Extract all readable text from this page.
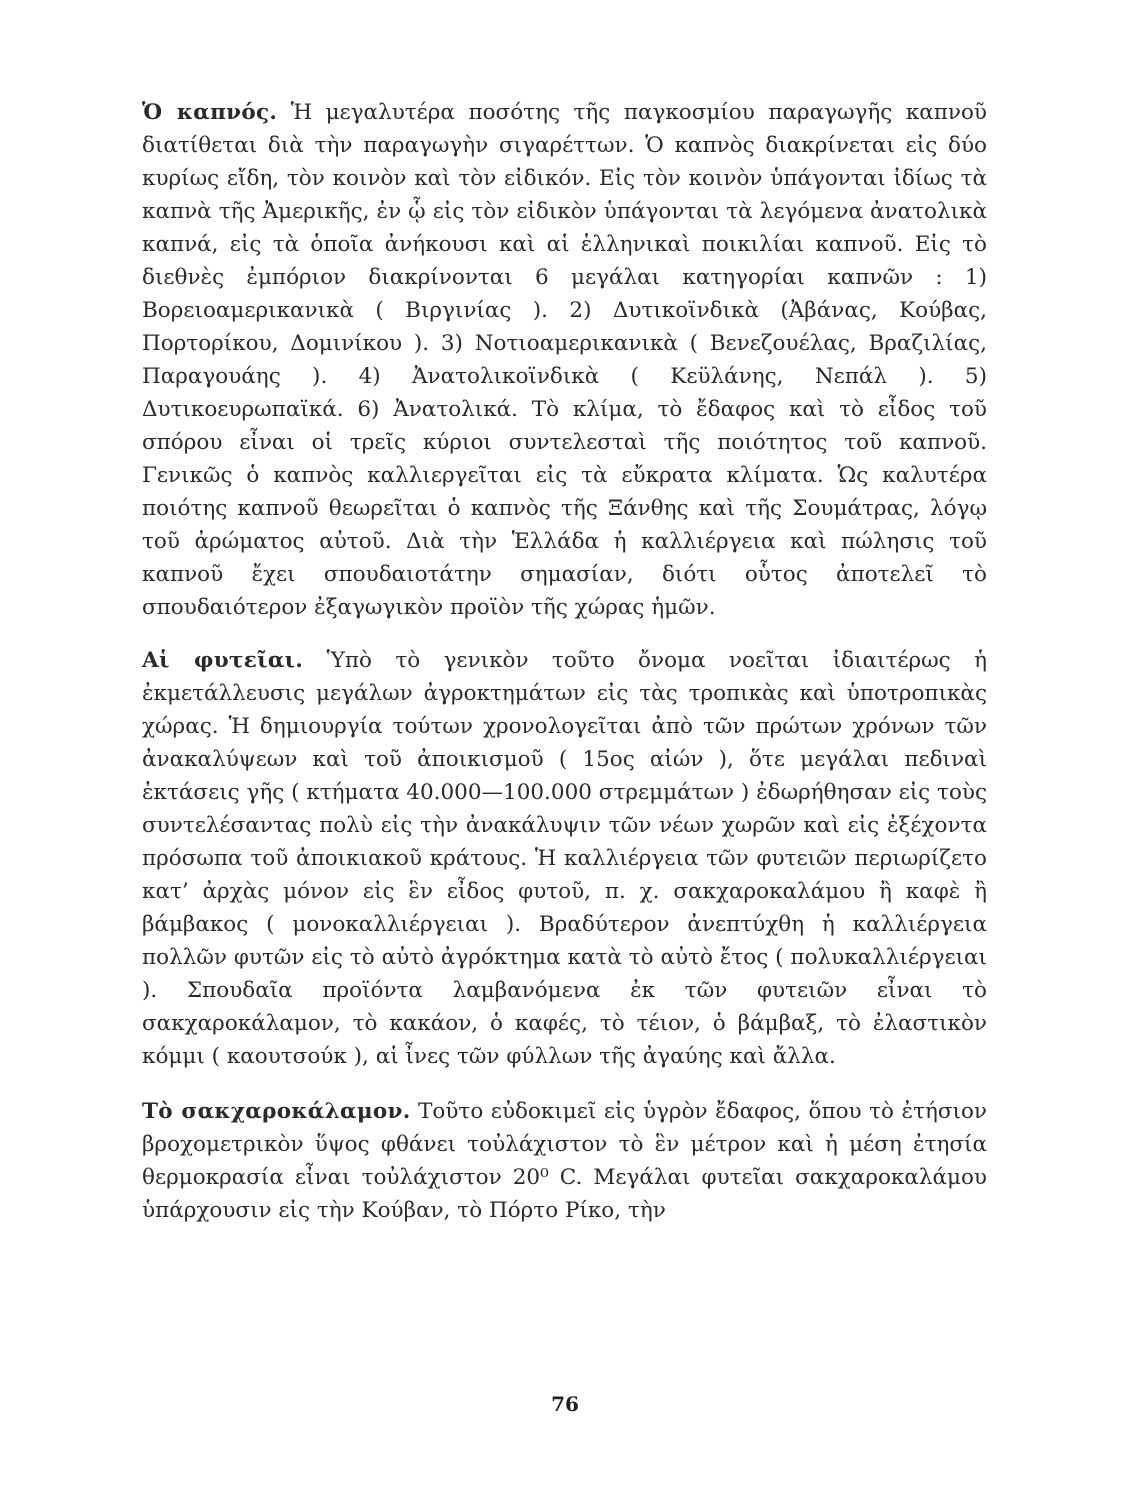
Ὁ καπνός. Ἡ μεγαλυτέρα ποσότης τῆς παγκοσμίου παραγωγῆς καπνοῦ διατίθεται διὰ τὴν παραγωγὴν σιγαρέττων. Ὁ καπνὸς διακρίνεται εἰς δύο κυρίως εἴδη, τὸν κοινὸν καὶ τὸν εἰδικόν. Εἰς τὸν κοινὸν ὑπάγονται ἰδίως τὰ καπνὰ τῆς Ἀμερικῆς, ἐν ᾧ εἰς τὸν εἰδικὸν ὑπάγονται τὰ λεγόμενα ἀνατολικὰ καπνά, εἰς τὰ ὁποῖα ἀνήκουσι καὶ αἱ ἑλληνικαὶ ποικιλίαι καπνοῦ. Εἰς τὸ διεθνὲς ἐμπόριον διακρίνονται 6 μεγάλαι κατηγορίαι καπνῶν : 1) Βορειοαμερικανικὰ ( Βιργινίας ). 2) Δυτικοϊνδικὰ (Ἀβάνας, Κούβας, Πορτορίκου, Δομινίκου ). 3) Νοτιοαμερικανικὰ ( Βενεζουέλας, Βραζιλίας, Παραγουάης ). 4) Ἀνατολικοϊνδικὰ ( Κεϋλάνης, Νεπάλ ). 5) Δυτικοευρωπαϊκά. 6) Ἀνατολικά. Τὸ κλίμα, τὸ ἔδαφος καὶ τὸ εἶδος τοῦ σπόρου εἶναι οἱ τρεῖς κύριοι συντελεσταὶ τῆς ποιότητος τοῦ καπνοῦ. Γενικῶς ὁ καπνὸς καλλιεργεῖται εἰς τὰ εὔκρατα κλίματα. Ὡς καλυτέρα ποιότης καπνοῦ θεωρεῖται ὁ καπνὸς τῆς Ξάνθης καὶ τῆς Σουμάτρας, λόγῳ τοῦ ἀρώματος αὐτοῦ. Διὰ τὴν Ἑλλάδα ἡ καλλιέργεια καὶ πώλησις τοῦ καπνοῦ ἔχει σπουδαιοτάτην σημασίαν, διότι οὗτος ἀποτελεῖ τὸ σπουδαιότερον ἐξαγωγικὸν προϊὸν τῆς χώρας ἡμῶν.

Αἱ φυτεῖαι. Ὑπὸ τὸ γενικὸν τοῦτο ὄνομα νοεῖται ἰδιαιτέρως ἡ ἐκμετάλλευσις μεγάλων ἀγροκτημάτων εἰς τὰς τροπικὰς καὶ ὑποτροπικὰς χώρας. Ἡ δημιουργία τούτων χρονολογεῖται ἀπὸ τῶν πρώτων χρόνων τῶν ἀνακαλύψεων καὶ τοῦ ἀποικισμοῦ ( 15ος αἰών ), ὅτε μεγάλαι πεδιναὶ ἐκτάσεις γῆς ( κτήματα 40.000—100.000 στρεμμάτων ) ἐδωρήθησαν εἰς τοὺς συντελέσαντας πολὺ εἰς τὴν ἀνακάλυψιν τῶν νέων χωρῶν καὶ εἰς ἐξέχοντα πρόσωπα τοῦ ἀποικιακοῦ κράτους. Ἡ καλλιέργεια τῶν φυτειῶν περιωρίζετο κατ’ ἀρχὰς μόνον εἰς ἓν εἶδος φυτοῦ, π. χ. σακχαροκαλάμου ἢ καφὲ ἢ βάμβακος ( μονοκαλλιέργειαι ). Βραδύτερον ἀνεπτύχθη ἡ καλλιέργεια πολλῶν φυτῶν εἰς τὸ αὐτὸ ἀγρόκτημα κατὰ τὸ αὐτὸ ἔτος ( πολυκαλλιέργειαι ). Σπουδαῖα προϊόντα λαμβανόμενα ἐκ τῶν φυτειῶν εἶναι τὸ σακχαροκάλαμον, τὸ κακάον, ὁ καφές, τὸ τέιον, ὁ βάμβαξ, τὸ ἐλαστικὸν κόμμι ( καουτσούκ ), αἱ ἶνες τῶν φύλλων τῆς ἀγαύης καὶ ἄλλα.

Τὸ σακχαροκάλαμον. Τοῦτο εὐδοκιμεῖ εἰς ὑγρὸν ἔδαφος, ὅπου τὸ ἐτήσιον βροχομετρικὸν ὕψος φθάνει τοὐλάχιστον τὸ ἓν μέτρον καὶ ἡ μέση ἐτησία θερμοκρασία εἶναι τοὐλάχιστον 20⁰ C. Μεγάλαι φυτεῖαι σακχαροκαλάμου ὑπάρχουσιν εἰς τὴν Κούβαν, τὸ Πόρτο Ρίκο, τὴν

76
